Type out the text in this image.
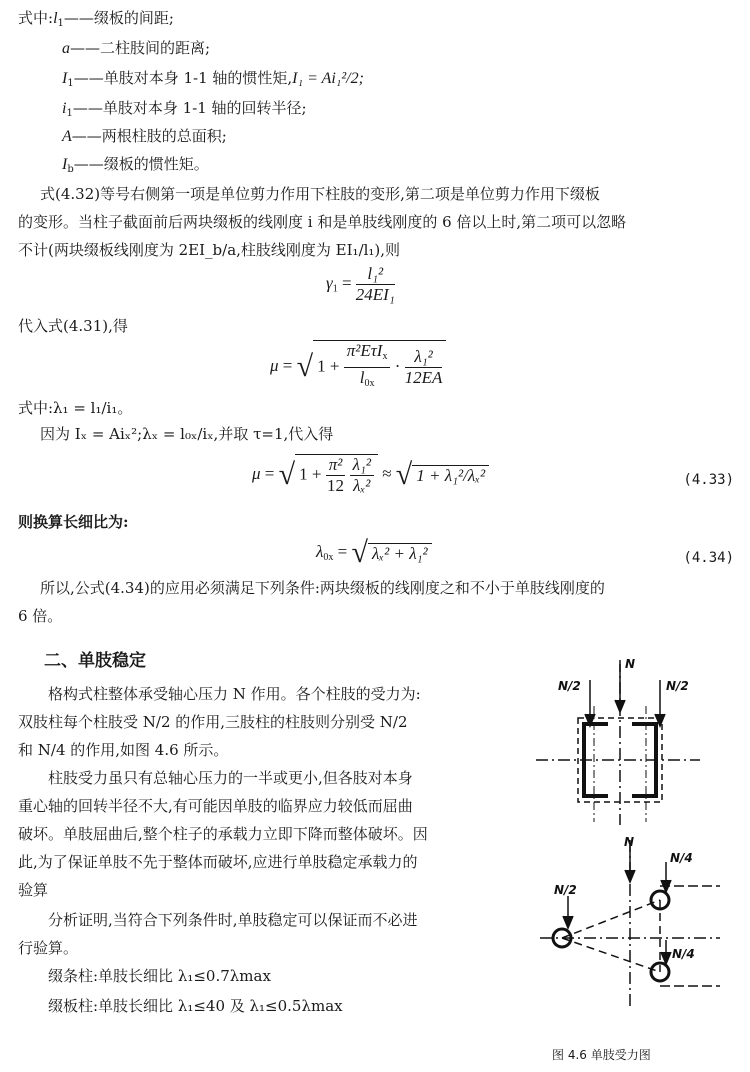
式中$:l_1——$缀板的间距;
a——二柱肢间的距离;
$I_1——$单肢对本身 1-1 轴的惯性矩,I₁ = Ai₁²/2;
$i_1——$单肢对本身 1-1 轴的回转半径;
A——两根柱肢的总面积;
$I_b——$缀板的惯性矩。
式(4.32)等号右侧第一项是单位剪力作用下柱肢的变形,第二项是单位剪力作用下缀板
的变形。当柱子截面前后两块缀板的线刚度 i 和是单肢线刚度的 6 倍以上时,第二项可以忽略
不计(两块缀板线刚度为 2EI_b/a,柱肢线刚度为 EI₁/l₁),则
$\gamma_1 = \frac{\text{l₁²}}{\text{24EI₁}}$
代入式(4.31),得
μ = √ $1 + \frac{\pi^2E\tau I_x}{l_{0x}} \cdot \frac{\text{λ₁²}}{12EA}$
式中:λ₁ = l₁/i₁。
因为 Iₓ = Aiₓ²;λₓ = l₀ₓ/iₓ,并取 τ=1,代入得
μ = √ $1 + \frac{\text{π²}}{12}$
$\frac{\text{λ₁²}}{\text{λₓ²}}$ ≈ √ 1 + λ₁²/λₓ²	(4.33)
则换算长细比为:
$\lambda_{0x}$ = √ λₓ² + λ₁²	(4.34)
所以,公式(4.34)的应用必须满足下列条件:两块缀板的线刚度之和不小于单肢线刚度的
6 倍。
二、单肢稳定
格构式柱整体承受轴心压力 N 作用。各个柱肢的受力为:
双肢柱每个柱肢受 N/2 的作用,三肢柱的柱肢则分别受 N/2
和 N/4 的作用,如图 4.6 所示。
柱肢受力虽只有总轴心压力的一半或更小,但各肢对本身
重心轴的回转半径不大,有可能因单肢的临界应力较低而屈曲
破坏。单肢屈曲后,整个柱子的承载力立即下降而整体破坏。因
此,为了保证单肢不先于整体而破坏,应进行单肢稳定承载力的
验算
分析证明,当符合下列条件时,单肢稳定可以保证而不必进
行验算。
缀条柱:单肢长细比 λ₁≤0.7λmax
缀板柱:单肢长细比 λ₁≤40 及 λ₁≤0.5λmax
N
N/2	N/2
N
N/4
N/2
N/4
图 4.6 单肢受力图
